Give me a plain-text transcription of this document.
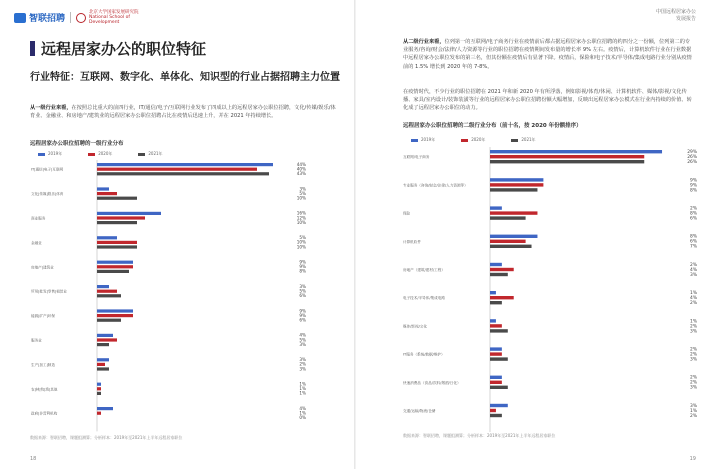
智联招聘
北京大学国家发展研究院 National School of Development
远程居家办公的职位特征
行业特征：互联网、数字化、单体化、知识型的行业占据招聘主力位置
从一级行业来看，在按照总比重大的前四行业，IT/通信/电子/互联网行业发布了四成以上的远程居家办公职位招聘，文化/传媒/娱乐/体育业、金融业、和房地产/建筑业的远程居家办公职位招聘占比在疫情后迅速上升，并在 2021 年持续增长。
远程居家办公职位招聘的一级行业分布
2019年	2020年	2021年
IT|通信|电子|互联网
44%
40%
43%
文化|传媒|娱乐|体育
3%
5%
10%
商业服务
16%
12%
10%
金融业
5%
10%
10%
房地产|建筑业
9%
9%
8%
贸易|批发|零售|租赁业
3%
5%
6%
能源|矿产|环保
9%
9%
6%
服务业
4%
5%
3%
生产|加工|制造
3%
2%
3%
农|林|牧|渔|其他
1%
1%
1%
政府|非营利机构
4%
1%
0%
数据来源：智联招聘，课题组测算；分析样本：2019年至2021年上半年远程居家职位
18
中国远程居家办公
发展报告
从二级行业来看，位列第一的互联网/电子商务行业在疫情前后都占据远程居家办公职位招聘的约四分之一份额，位列第二的专业服务/咨询/财会/法律/人力资源等行业的职位招聘在疫情期间发布量的增长率 9% 左右。疫情后，计算机软件行业在行业数据中远程居家办公职位发布的第三名，但其份额在疫情后有显著下降。疫情后，保险和电子技术/半导体/集成电路行业分别从疫情前的 1.5% 增长到 2020 年的 7-8%。
在疫情时代，不少行业的职位招聘在 2021 年和新 2020 年有所浮落，例如影视/体育/休闲、计算机软件、媒体/影视/文化传播、家具/室内设计/装饰装潢等行业的远程居家办公职位招聘份额大幅增加，反映出远程居家办公模式在行业内持续的价值、转化成了远程居家办公职位的动力。
远程居家办公职位招聘的二级行业分布（前十名，按 2020 年份额排序）
2019年	2020年	2021年
互联网/电子商务
29%
26%
26%
专业服务（咨询/财会/法律/人力资源等）
9%
9%
8%
保险
2%
8%
6%
计算机软件
8%
6%
7%
房地产（建筑/建材/工程）
2%
4%
3%
电子技术/半导体/集成电路
1%
4%
2%
媒体/影视/文化
1%
2%
3%
IT服务（系统/数据/维护）
2%
2%
3%
快速消费品（食品/饮料/烟酒/日化）
2%
2%
3%
交通/运输/物流/仓储
3%
1%
2%
数据来源：智联招聘，课题组测算；分析样本：2019年至2021年上半年远程居家职位
19
